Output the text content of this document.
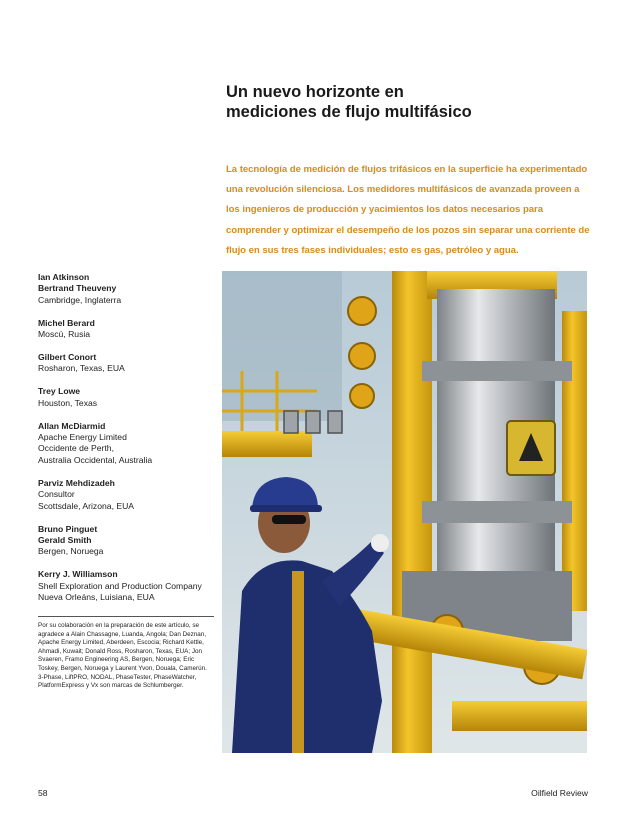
Un nuevo horizonte en
mediciones de flujo multifásico
La tecnología de medición de flujos trifásicos en la superficie ha experimentado una revolución silenciosa. Los medidores multifásicos de avanzada proveen a los ingenieros de producción y yacimientos los datos necesarios para comprender y optimizar el desempeño de los pozos sin separar una corriente de flujo en sus tres fases individuales; esto es gas, petróleo y agua.
Ian Atkinson
Bertrand Theuveny
Cambridge, Inglaterra
Michel Berard
Moscú, Rusia
Gilbert Conort
Rosharon, Texas, EUA
Trey Lowe
Houston, Texas
Allan McDiarmid
Apache Energy Limited
Occidente de Perth,
Australia Occidental, Australia
Parviz Mehdizadeh
Consultor
Scottsdale, Arizona, EUA
Bruno Pinguet
Gerald Smith
Bergen, Noruega
Kerry J. Williamson
Shell Exploration and Production Company
Nueva Orleáns, Luisiana, EUA

Por su colaboración en la preparación de este artículo, se agradece a Alain Chassagne, Luanda, Angola; Dan Deznan, Apache Energy Limited, Aberdeen, Escocia; Richard Kettle, Ahmadi, Kuwait; Donald Ross, Rosharon, Texas, EUA; Jon Svaeren, Framo Engineering AS, Bergen, Noruega; Eric Toskey, Bergen, Noruega y Laurent Yvon, Douala, Camerún.

3-Phase, LiftPRO, NODAL, PhaseTester, PhaseWatcher, PlatformExpress y Vx son marcas de Schlumberger.

58	Oilfield Review
